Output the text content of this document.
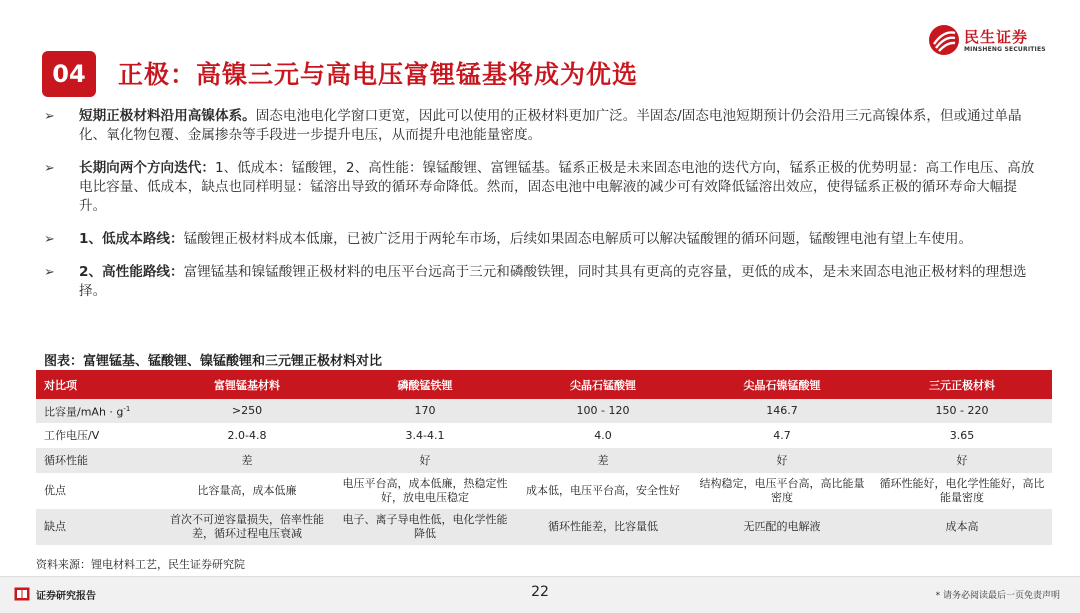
04	正极：高镍三元与高电压富锂锰基将成为优选
民生证券
MINSHENG SECURITIES
➢ 短期正极材料沿用高镍体系。固态电池电化学窗口更宽，因此可以使用的正极材料更加广泛。半固态/固态电池短期预计仍会沿用三元高镍体系，但或通过单晶化、氧化物包覆、金属掺杂等手段进一步提升电压，从而提升电池能量密度。
➢ 长期向两个方向迭代：1、低成本：锰酸锂，2、高性能：镍锰酸锂、富锂锰基。锰系正极是未来固态电池的迭代方向，锰系正极的优势明显：高工作电压、高放电比容量、低成本，缺点也同样明显：锰溶出导致的循环寿命降低。然而，固态电池中电解液的减少可有效降低锰溶出效应，使得锰系正极的循环寿命大幅提升。
➢ 1、低成本路线：锰酸锂正极材料成本低廉，已被广泛用于两轮车市场，后续如果固态电解质可以解决锰酸锂的循环问题，锰酸锂电池有望上车使用。
➢ 2、高性能路线：富锂锰基和镍锰酸锂正极材料的电压平台远高于三元和磷酸铁锂，同时其具有更高的克容量，更低的成本，是未来固态电池正极材料的理想选择。
图表：富锂锰基、锰酸锂、镍锰酸锂和三元锂正极材料对比
对比项	富锂锰基材料	磷酸锰铁锂	尖晶石锰酸锂	尖晶石镍锰酸锂	三元正极材料
比容量$/mAh \cdot g^{-1}$	>250	170	100 - 120	146.7	150 - 220
工作电压/V	2.0-4.8	3.4-4.1	4.0	4.7	3.65
循环性能	差	好	差	好	好
优点	比容量高，成本低廉	电压平台高，成本低廉，热稳定性好，放电电压稳定	成本低，电压平台高，安全性好	结构稳定，电压平台高，高比能量密度	循环性能好，电化学性能好，高比能量密度
缺点	首次不可逆容量损失，倍率性能差，循环过程电压衰减	电子、离子导电性低，电化学性能降低	循环性能差，比容量低	无匹配的电解液	成本高
资料来源：锂电材料工艺，民生证券研究院
证券研究报告	22	* 请务必阅读最后一页免责声明
